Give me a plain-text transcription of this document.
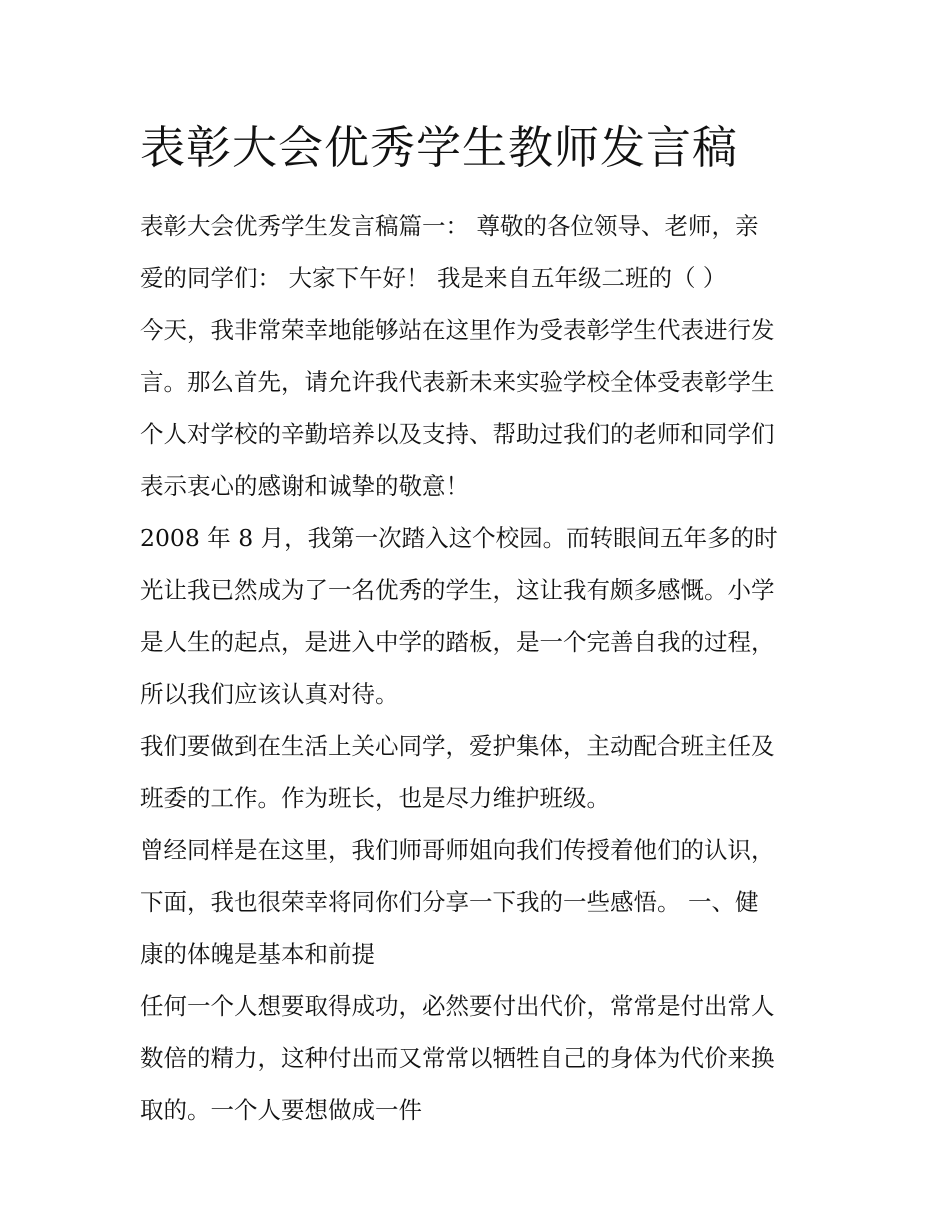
表彰大会优秀学生教师发言稿
表彰大会优秀学生发言稿篇一： 尊敬的各位领导、老师，亲
爱的同学们： 大家下午好！ 我是来自五年级二班的（ ）
今天，我非常荣幸地能够站在这里作为受表彰学生代表进行发
言。那么首先，请允许我代表新未来实验学校全体受表彰学生
个人对学校的辛勤培养以及支持、帮助过我们的老师和同学们
表示衷心的感谢和诚挚的敬意！
2008 年 8 月，我第一次踏入这个校园。而转眼间五年多的时
光让我已然成为了一名优秀的学生，这让我有颇多感慨。小学
是人生的起点，是进入中学的踏板，是一个完善自我的过程，
所以我们应该认真对待。
我们要做到在生活上关心同学，爱护集体，主动配合班主任及
班委的工作。作为班长，也是尽力维护班级。
曾经同样是在这里，我们师哥师姐向我们传授着他们的认识，
下面，我也很荣幸将同你们分享一下我的一些感悟。 一、健
康的体魄是基本和前提
任何一个人想要取得成功，必然要付出代价，常常是付出常人
数倍的精力，这种付出而又常常以牺牲自己的身体为代价来换
取的。一个人要想做成一件
